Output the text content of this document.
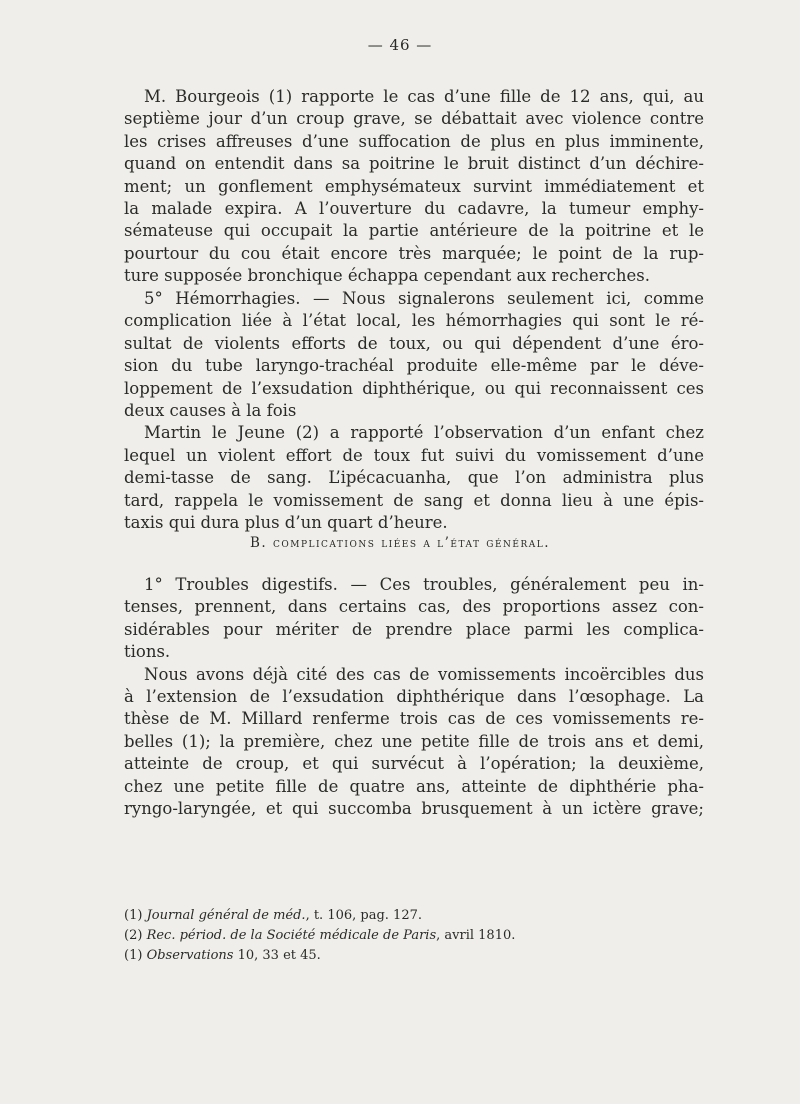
— 46 —
M. Bourgeois (1) rapporte le cas d’une fille de 12 ans, qui, au
septième jour d’un croup grave, se débattait avec violence contre
les crises affreuses d’une suffocation de plus en plus imminente,
quand on entendit dans sa poitrine le bruit distinct d’un déchire-
ment; un gonflement emphysémateux survint immédiatement et
la malade expira. A l’ouverture du cadavre, la tumeur emphy-
sémateuse qui occupait la partie antérieure de la poitrine et le
pourtour du cou était encore très marquée; le point de la rup-
ture supposée bronchique échappa cependant aux recherches.
5° Hémorrhagies. — Nous signalerons seulement ici, comme
complication liée à l’état local, les hémorrhagies qui sont le ré-
sultat de violents efforts de toux, ou qui dépendent d’une éro-
sion du tube laryngo-trachéal produite elle-même par le déve-
loppement de l’exsudation diphthérique, ou qui reconnaissent ces
deux causes à la fois
Martin le Jeune (2) a rapporté l’observation d’un enfant chez
lequel un violent effort de toux fut suivi du vomissement d’une
demi-tasse de sang. L’ipécacuanha, que l’on administra plus
tard, rappela le vomissement de sang et donna lieu à une épis-
taxis qui dura plus d’un quart d’heure.
B. complications liées a l’état général.
1° Troubles digestifs. — Ces troubles, généralement peu in-
tenses, prennent, dans certains cas, des proportions assez con-
sidérables pour mériter de prendre place parmi les complica-
tions.
Nous avons déjà cité des cas de vomissements incoërcibles dus
à l’extension de l’exsudation diphthérique dans l’œsophage. La
thèse de M. Millard renferme trois cas de ces vomissements re-
belles (1); la première, chez une petite fille de trois ans et demi,
atteinte de croup, et qui survécut à l’opération; la deuxième,
chez une petite fille de quatre ans, atteinte de diphthérie pha-
ryngo-laryngée, et qui succomba brusquement à un ictère grave;
(1) Journal général de méd., t. 106, pag. 127.
(2) Rec. périod. de la Société médicale de Paris, avril 1810.
(1) Observations 10, 33 et 45.
